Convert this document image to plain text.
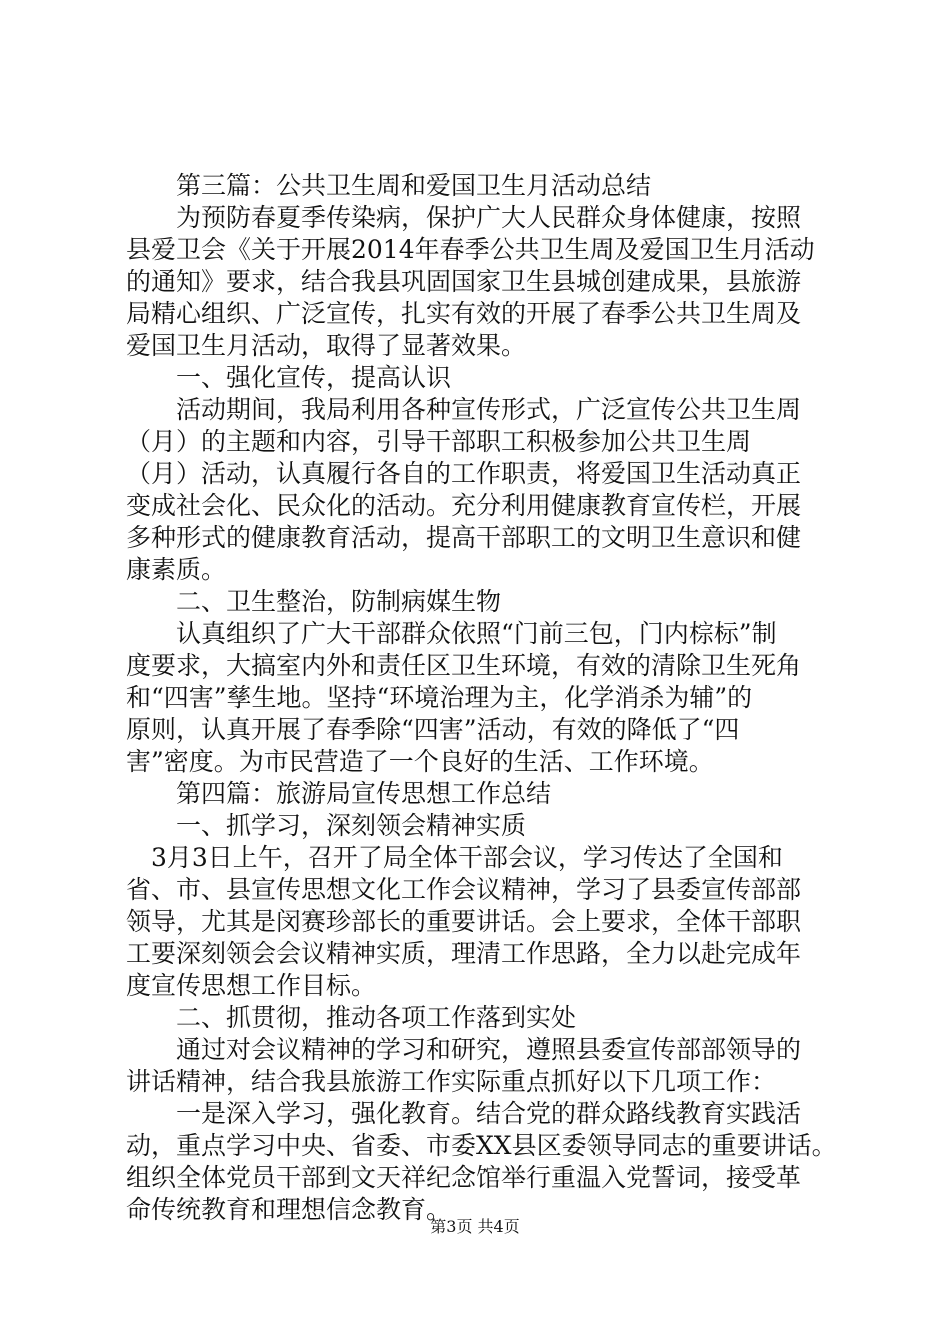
　　第三篇：公共卫生周和爱国卫生月活动总结
　　为预防春夏季传染病，保护广大人民群众身体健康，按照
县爱卫会《关于开展2014年春季公共卫生周及爱国卫生月活动
的通知》要求，结合我县巩固国家卫生县城创建成果，县旅游
局精心组织、广泛宣传，扎实有效的开展了春季公共卫生周及
爱国卫生月活动，取得了显著效果。
　　一、强化宣传，提高认识
　　活动期间，我局利用各种宣传形式，广泛宣传公共卫生周
（月）的主题和内容，引导干部职工积极参加公共卫生周
（月）活动，认真履行各自的工作职责，将爱国卫生活动真正
变成社会化、民众化的活动。充分利用健康教育宣传栏，开展
多种形式的健康教育活动，提高干部职工的文明卫生意识和健
康素质。
　　二、卫生整治，防制病媒生物
　　认真组织了广大干部群众依照“门前三包，门内棕标”制
度要求，大搞室内外和责任区卫生环境，有效的清除卫生死角
和“四害”孳生地。坚持“环境治理为主，化学消杀为辅”的
原则，认真开展了春季除“四害”活动，有效的降低了“四
害”密度。为市民营造了一个良好的生活、工作环境。
　　第四篇：旅游局宣传思想工作总结
　　一、抓学习，深刻领会精神实质
　3月3日上午，召开了局全体干部会议，学习传达了全国和
省、市、县宣传思想文化工作会议精神，学习了县委宣传部部
领导，尤其是闵赛珍部长的重要讲话。会上要求，全体干部职
工要深刻领会会议精神实质，理清工作思路，全力以赴完成年
度宣传思想工作目标。
　　二、抓贯彻，推动各项工作落到实处
　　通过对会议精神的学习和研究，遵照县委宣传部部领导的
讲话精神，结合我县旅游工作实际重点抓好以下几项工作：
　　一是深入学习，强化教育。结合党的群众路线教育实践活
动，重点学习中央、省委、市委XX县区委领导同志的重要讲话。
组织全体党员干部到文天祥纪念馆举行重温入党誓词，接受革
命传统教育和理想信念教育。
第3页 共4页
